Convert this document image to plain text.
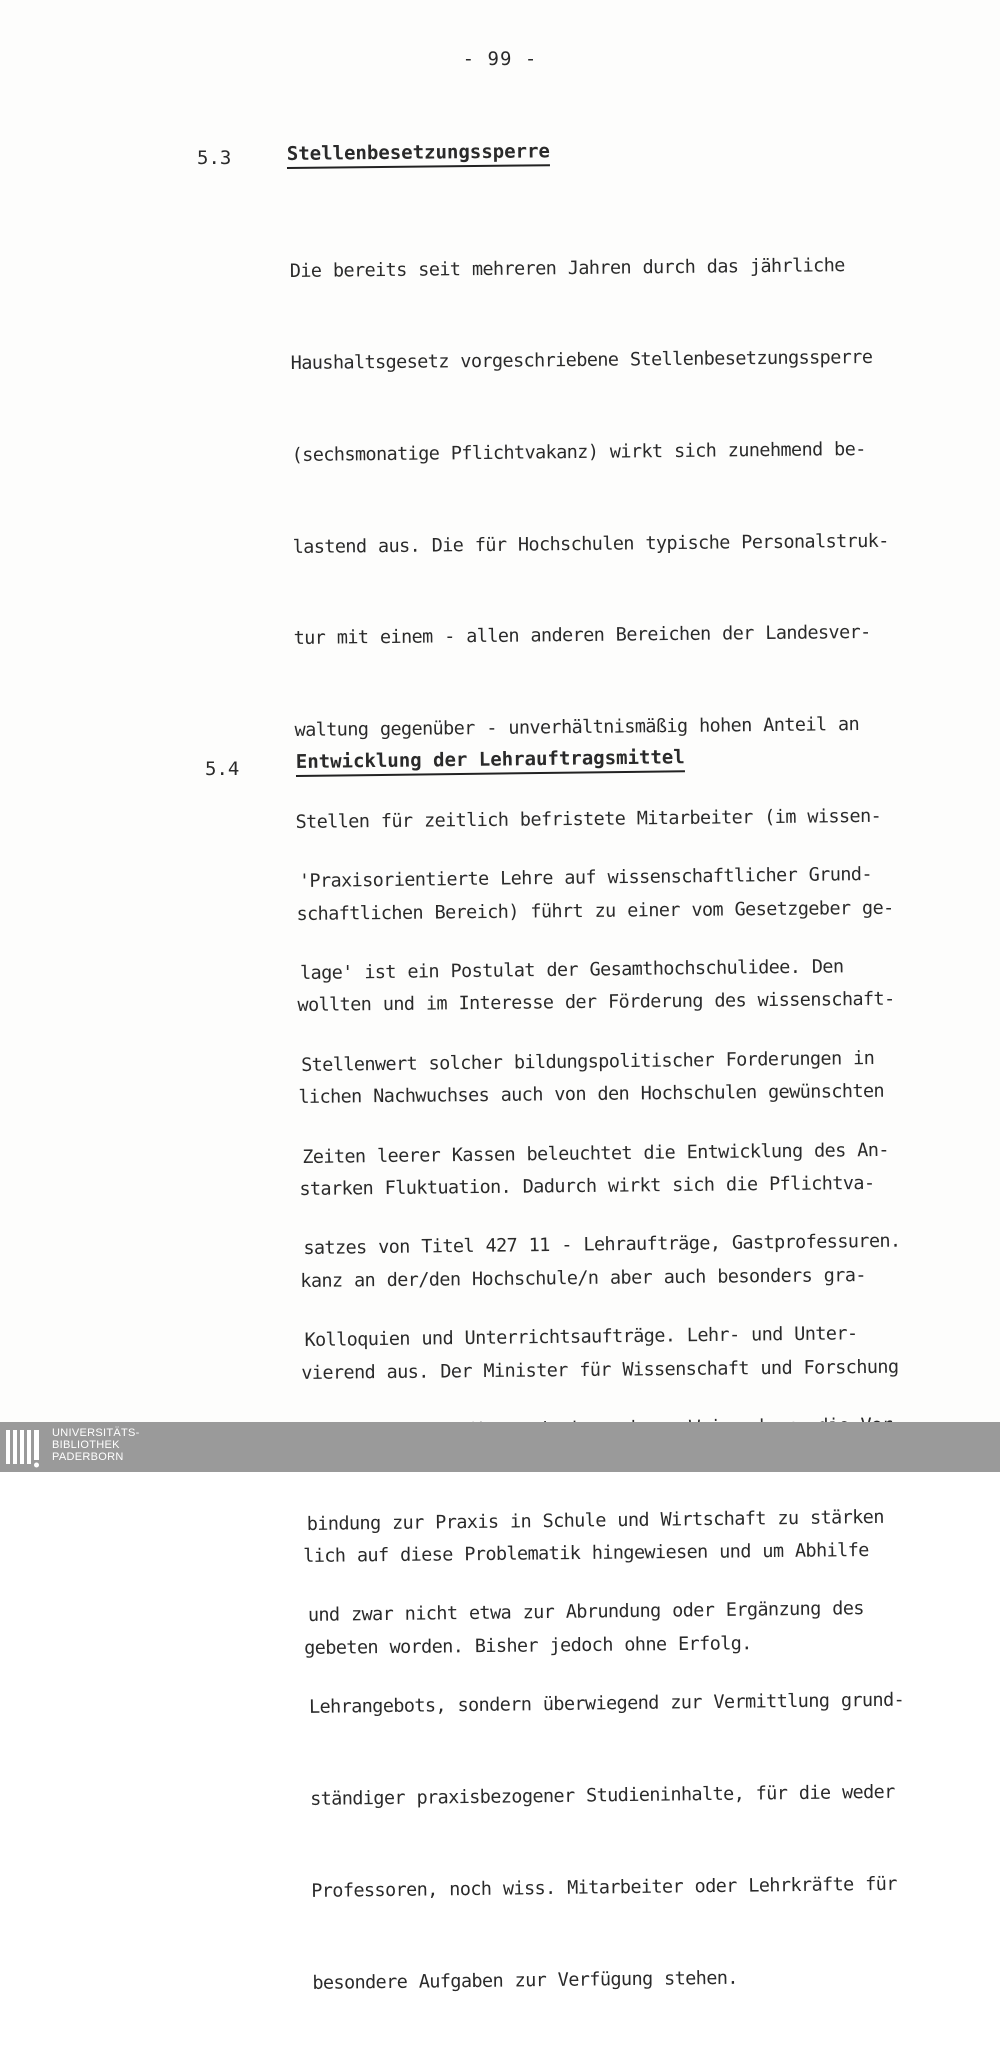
- 99 -
5.3	Stellenbesetzungssperre

Die bereits seit mehreren Jahren durch das jährliche

Haushaltsgesetz vorgeschriebene Stellenbesetzungssperre

(sechsmonatige Pflichtvakanz) wirkt sich zunehmend be-

lastend aus. Die für Hochschulen typische Personalstruk-

tur mit einem - allen anderen Bereichen der Landesver-

waltung gegenüber - unverhältnismäßig hohen Anteil an

Stellen für zeitlich befristete Mitarbeiter (im wissen-

schaftlichen Bereich) führt zu einer vom Gesetzgeber ge-

wollten und im Interesse der Förderung des wissenschaft-

lichen Nachwuchses auch von den Hochschulen gewünschten

starken Fluktuation. Dadurch wirkt sich die Pflichtva-

kanz an der/den Hochschule/n aber auch besonders gra-

vierend aus. Der Minister für Wissenschaft und Forschung

lich auf diese Problematik hingewiesen und um Abhilfe

gebeten worden. Bisher jedoch ohne Erfolg.

5.4	Entwicklung der Lehrauftragsmittel

'Praxisorientierte Lehre auf wissenschaftlicher Grund-

lage' ist ein Postulat der Gesamthochschulidee. Den

Stellenwert solcher bildungspolitischer Forderungen in

Zeiten leerer Kassen beleuchtet die Entwicklung des An-

satzes von Titel 427 11 - Lehraufträge, Gastprofessuren.

Kolloquien und Unterrichtsaufträge. Lehr- und Unter-

bindung zur Praxis in Schule und Wirtschaft zu stärken

und zwar nicht etwa zur Abrundung oder Ergänzung des

Lehrangebots, sondern überwiegend zur Vermittlung grund-

ständiger praxisbezogener Studieninhalte, für die weder

Professoren, noch wiss. Mitarbeiter oder Lehrkräfte für

besondere Aufgaben zur Verfügung stehen.

UNIVERSITÄTS-
BIBLIOTHEK
PADERBORN
